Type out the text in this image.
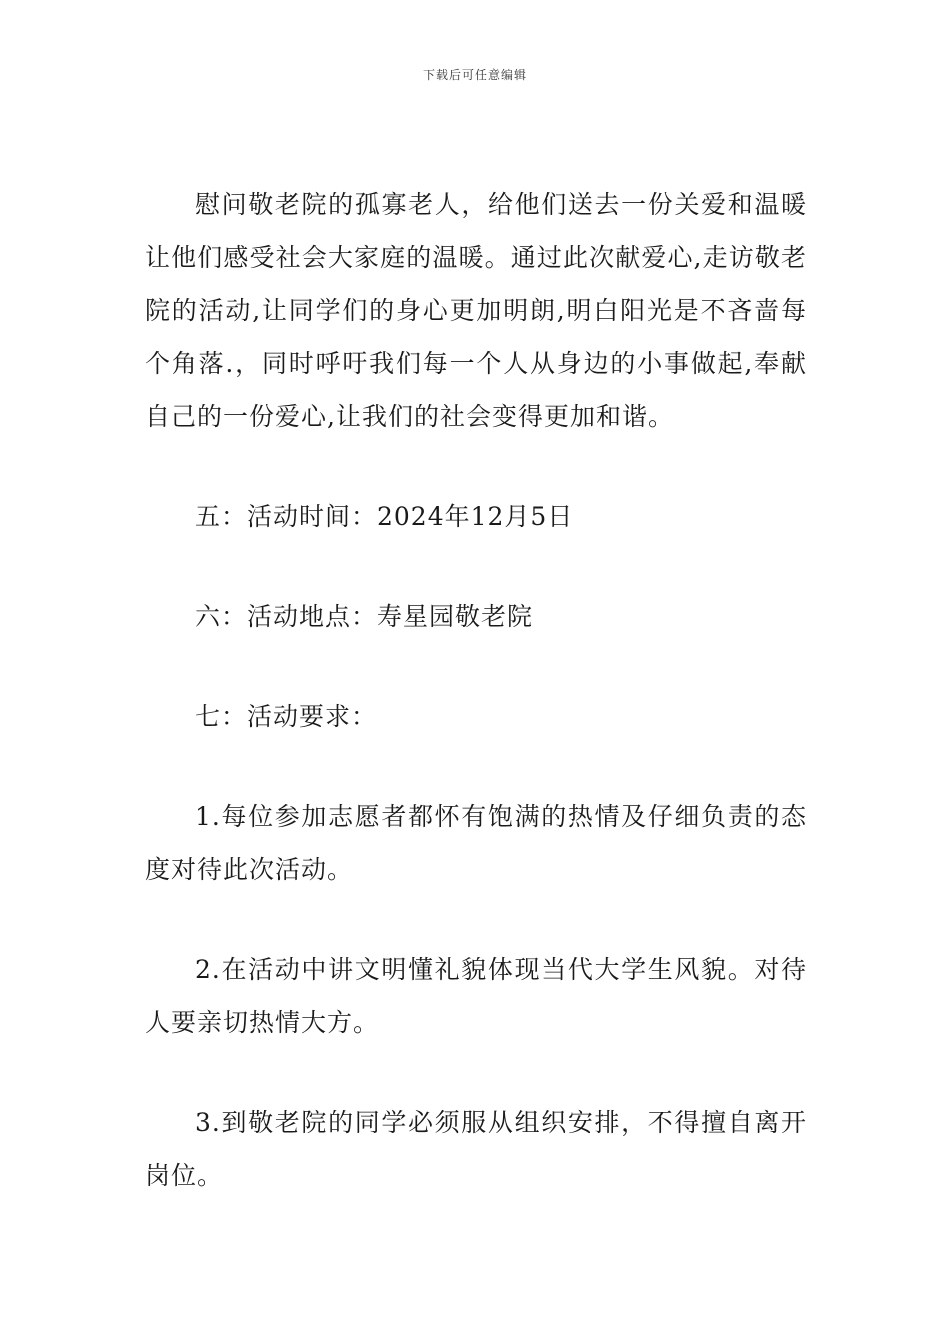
下载后可任意编辑

慰问敬老院的孤寡老人，给他们送去一份关爱和温暖让他们感受社会大家庭的温暖。通过此次献爱心,走访敬老院的活动,让同学们的身心更加明朗,明白阳光是不吝啬每个角落.，同时呼吁我们每一个人从身边的小事做起,奉献自己的一份爱心,让我们的社会变得更加和谐。

五：活动时间：2024年12月5日

六：活动地点：寿星园敬老院

七：活动要求：

1.每位参加志愿者都怀有饱满的热情及仔细负责的态度对待此次活动。

2.在活动中讲文明懂礼貌体现当代大学生风貌。对待人要亲切热情大方。

3.到敬老院的同学必须服从组织安排，不得擅自离开岗位。
